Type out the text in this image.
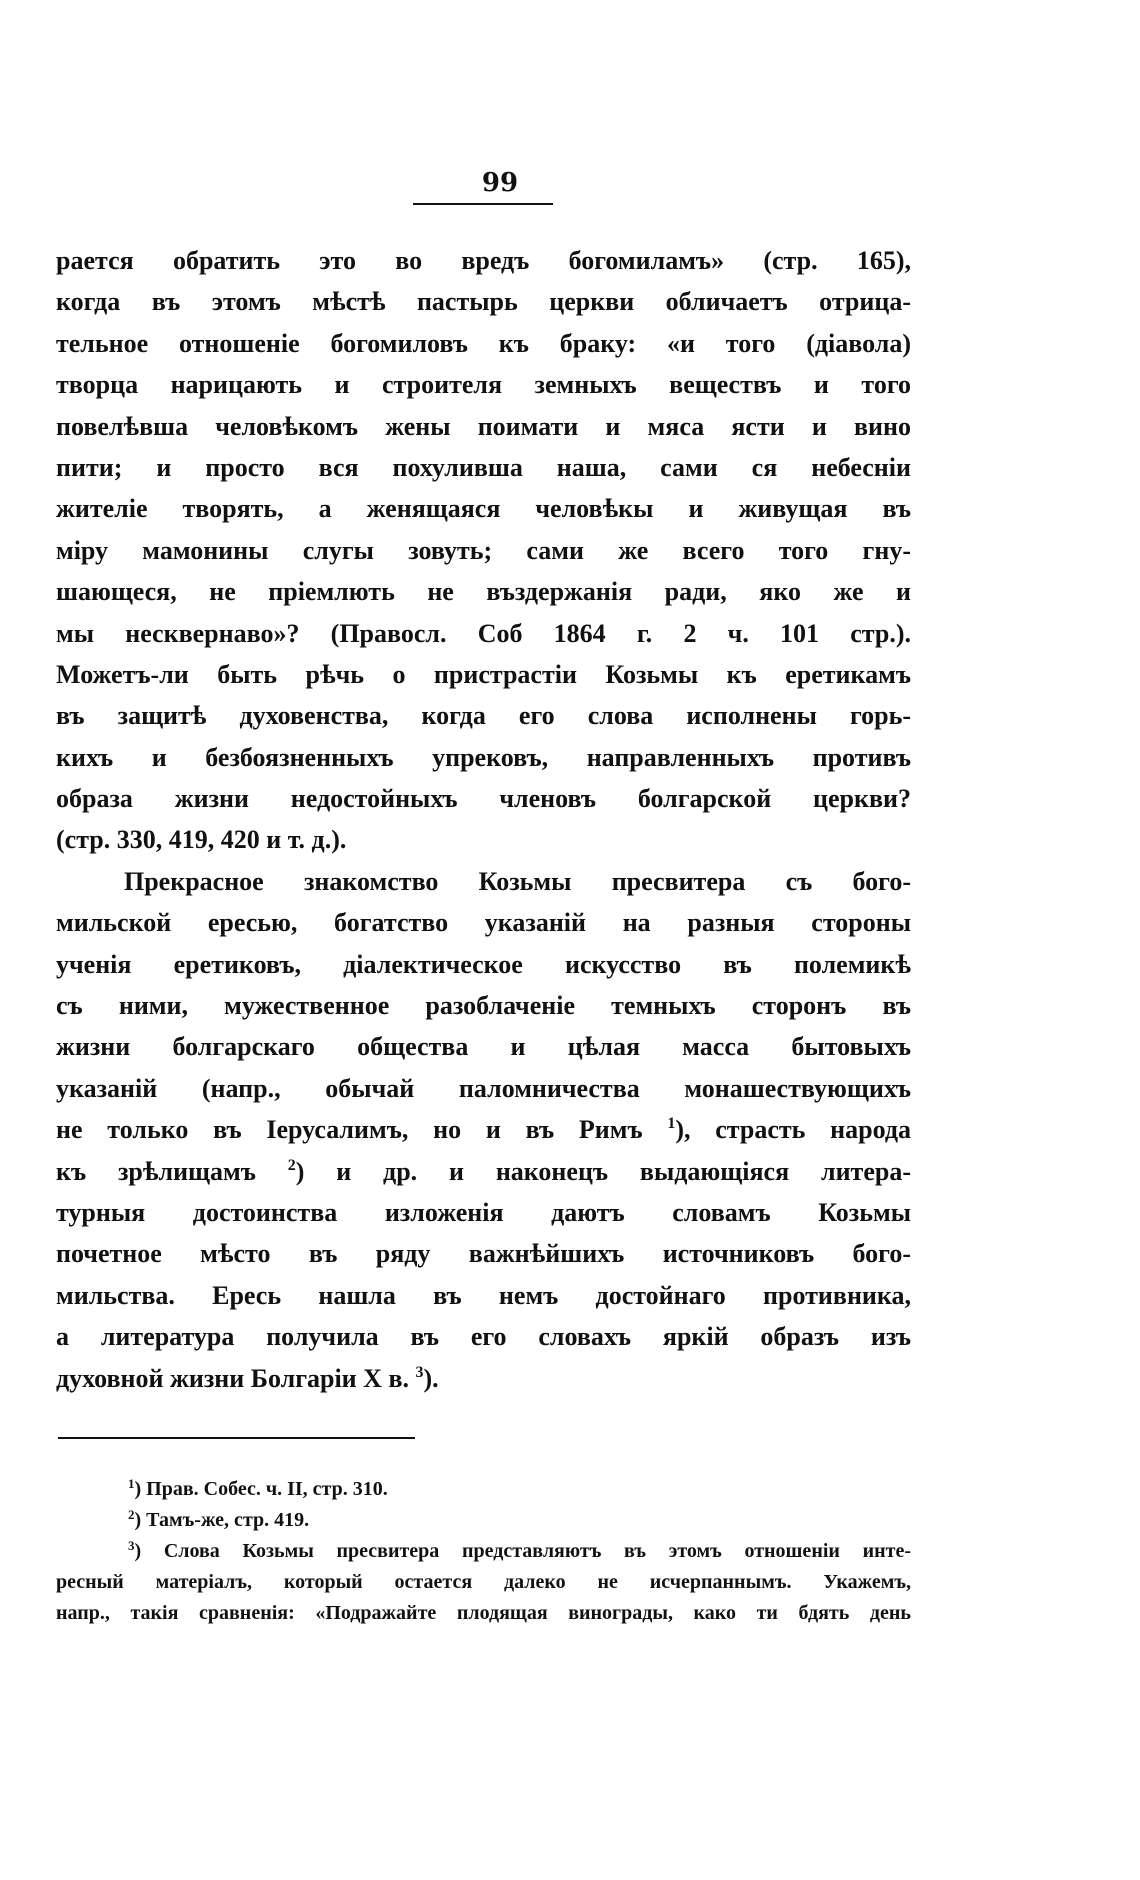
99
рается обратить это во вредъ богомиламъ» (стр. 165),
когда въ этомъ мѣстѣ пастырь церкви обличаетъ отрица-
тельное отношеніе богомиловъ къ браку: «и того (діавола)
творца нарицають и строителя земныхъ веществъ и того
повелѣвша человѣкомъ жены поимати и мяса ясти и вино
пити; и просто вся похуливша наша, сами ся небесніи
жителіе творять, а женящаяся человѣкы и живущая въ
міру мамонины слугы зовуть; сами же всего того гну-
шающеся, не пріемлють не въздержанія ради, яко же и
мы несквернаво»? (Правосл. Соб 1864 г. 2 ч. 101 стр.).
Можетъ-ли быть рѣчь о пристрастіи Козьмы къ еретикамъ
въ защитѣ духовенства, когда его слова исполнены горь-
кихъ и безбоязненныхъ упрековъ, направленныхъ противъ
образа жизни недостойныхъ членовъ болгарской церкви?
(стр. 330, 419, 420 и т. д.).
Прекрасное знакомство Козьмы пресвитера съ бого-
мильской ересью, богатство указаній на разныя стороны
ученія еретиковъ, діалектическое искусство въ полемикѣ
съ ними, мужественное разоблаченіе темныхъ сторонъ въ
жизни болгарскаго общества и цѣлая масса бытовыхъ
указаній (напр., обычай паломничества монашествующихъ
не только въ Іерусалимъ, но и въ Римъ $^1$), страсть народа
къ зрѣлищамъ $^2$) и др. и наконецъ выдающіяся литера-
турныя достоинства изложенія даютъ словамъ Козьмы
почетное мѣсто въ ряду важнѣйшихъ источниковъ бого-
мильства. Ересь нашла въ немъ достойнаго противника,
а литература получила въ его словахъ яркій образъ изъ
духовной жизни Болгаріи X в. $^3$).
$^1$) Прав. Собес. ч. II, стр. 310.
$^2$) Тамъ-же, стр. 419.
$^3$) Слова Козьмы пресвитера представляютъ въ этомъ отношеніи инте-
ресный матеріалъ, который остается далеко не исчерпаннымъ. Укажемъ,
напр., такія сравненія: «Подражайте плодящая винограды, како ти бдять день
